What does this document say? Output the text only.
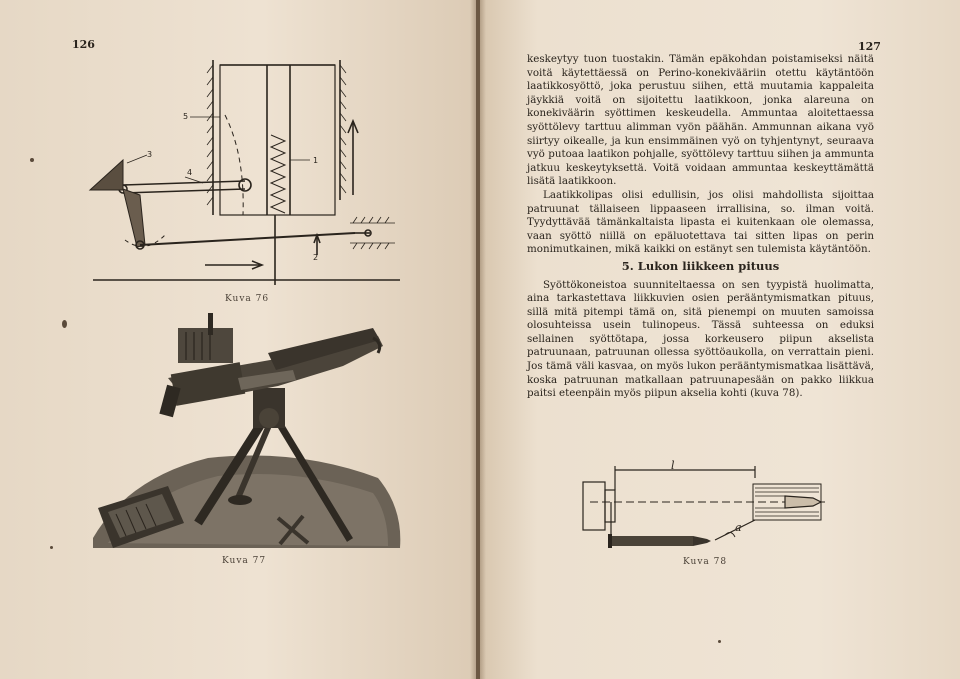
126	127
1
2
3
4
5
Kuva 76
Kuva 77

keskeytyy tuon tuostakin. Tämän epäkohdan poistamiseksi näitä voitä käytettäessä on Perino-konekivääriin otettu käytäntöön laatikkosyöttö, joka perustuu siihen, että muutamia kappaleita jäykkiä voitä on sijoitettu laatikkoon, jonka alareuna on konekiväärin syöttimen keskeudella. Ammuntaa aloitettaessa syöttölevy tarttuu alimman vyön päähän. Ammunnan aikana vyö siirtyy oikealle, ja kun ensimmäinen vyö on tyhjentynyt, seuraava vyö putoaa laatikon pohjalle, syöttölevy tarttuu siihen ja ammunta jatkuu keskeytyksettä. Voitä voidaan ammuntaa keskeyttämättä lisätä laatikkoon.

Laatikkolipas olisi edullisin, jos olisi mahdollista sijoittaa patruunat tällaiseen lippaaseen irrallisina, so. ilman voitä. Tyydyttävää tämänkaltaista lipasta ei kuitenkaan ole olemassa, vaan syöttö niillä on epäluotettava tai sitten lipas on perin monimutkainen, mikä kaikki on estänyt sen tulemista käytäntöön.

5. Lukon liikkeen pituus

Syöttökoneistoa suunniteltaessa on sen tyypistä huolimatta, aina tarkastettava liikkuvien osien perääntymismatkan pituus, sillä mitä pitempi tämä on, sitä pienempi on muuten samoissa olosuhteissa usein tulinopeus. Tässä suhteessa on eduksi sellainen syöttötapa, jossa korkeusero piipun akselista patruunaan, patruunan ollessa syöttöaukolla, on verrattain pieni. Jos tämä väli kasvaa, on myös lukon perääntymismatkaa lisättävä, koska patruunan matkallaan patruunapesään on pakko liikkua paitsi eteenpäin myös piipun akselia kohti (kuva 78).

l
a
Kuva 78
